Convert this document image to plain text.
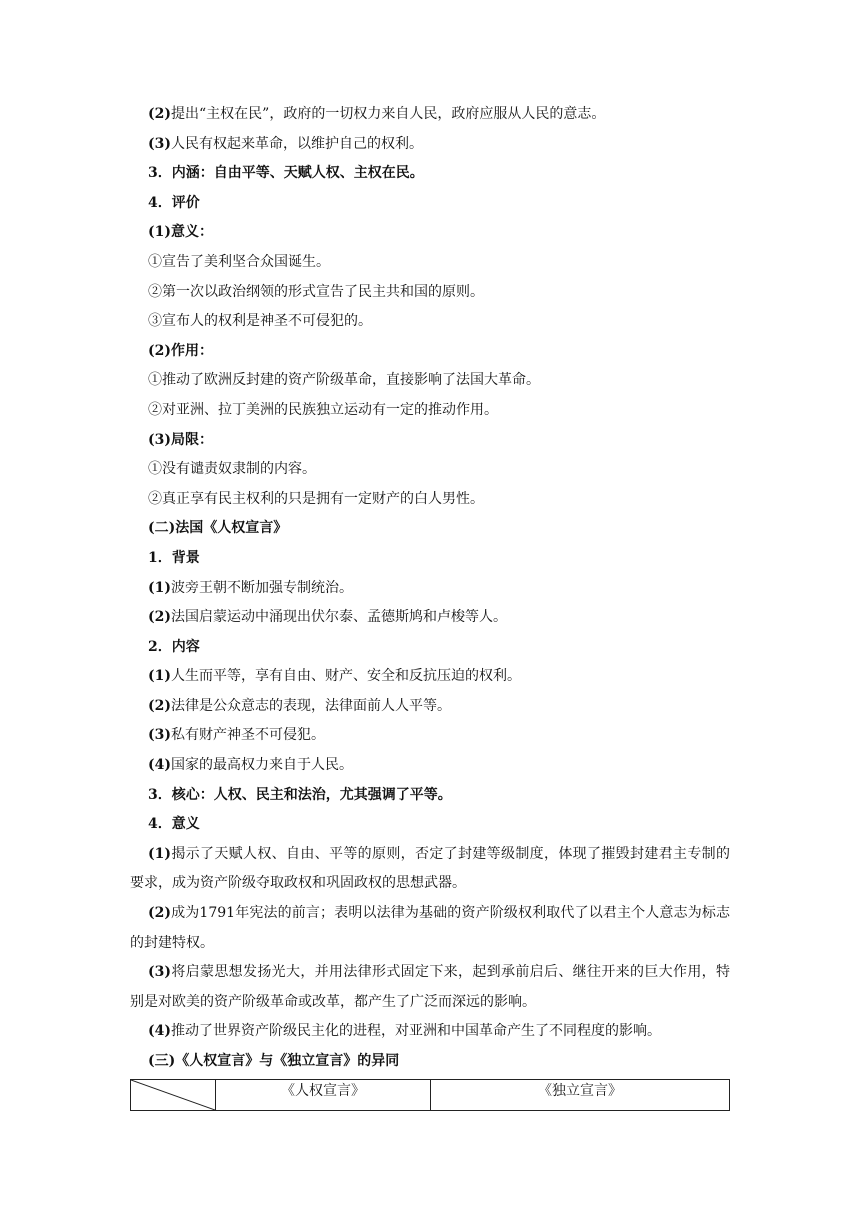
(2)提出“主权在民”，政府的一切权力来自人民，政府应服从人民的意志。
(3)人民有权起来革命，以维护自己的权利。
3．内涵：自由平等、天赋人权、主权在民。
4．评价
(1)意义：
①宣告了美利坚合众国诞生。
②第一次以政治纲领的形式宣告了民主共和国的原则。
③宣布人的权利是神圣不可侵犯的。
(2)作用：
①推动了欧洲反封建的资产阶级革命，直接影响了法国大革命。
②对亚洲、拉丁美洲的民族独立运动有一定的推动作用。
(3)局限：
①没有谴责奴隶制的内容。
②真正享有民主权利的只是拥有一定财产的白人男性。
(二)法国《人权宣言》
1．背景
(1)波旁王朝不断加强专制统治。
(2)法国启蒙运动中涌现出伏尔泰、孟德斯鸠和卢梭等人。
2．内容
(1)人生而平等，享有自由、财产、安全和反抗压迫的权利。
(2)法律是公众意志的表现，法律面前人人平等。
(3)私有财产神圣不可侵犯。
(4)国家的最高权力来自于人民。
3．核心：人权、民主和法治，尤其强调了平等。
4．意义
(1)揭示了天赋人权、自由、平等的原则，否定了封建等级制度，体现了摧毁封建君主专制的要求，成为资产阶级夺取政权和巩固政权的思想武器。
(2)成为1791年宪法的前言；表明以法律为基础的资产阶级权利取代了以君主个人意志为标志的封建特权。
(3)将启蒙思想发扬光大，并用法律形式固定下来，起到承前启后、继往开来的巨大作用，特别是对欧美的资产阶级革命或改革，都产生了广泛而深远的影响。
(4)推动了世界资产阶级民主化的进程，对亚洲和中国革命产生了不同程度的影响。
(三)《人权宣言》与《独立宣言》的异同
	《人权宣言》	《独立宣言》
